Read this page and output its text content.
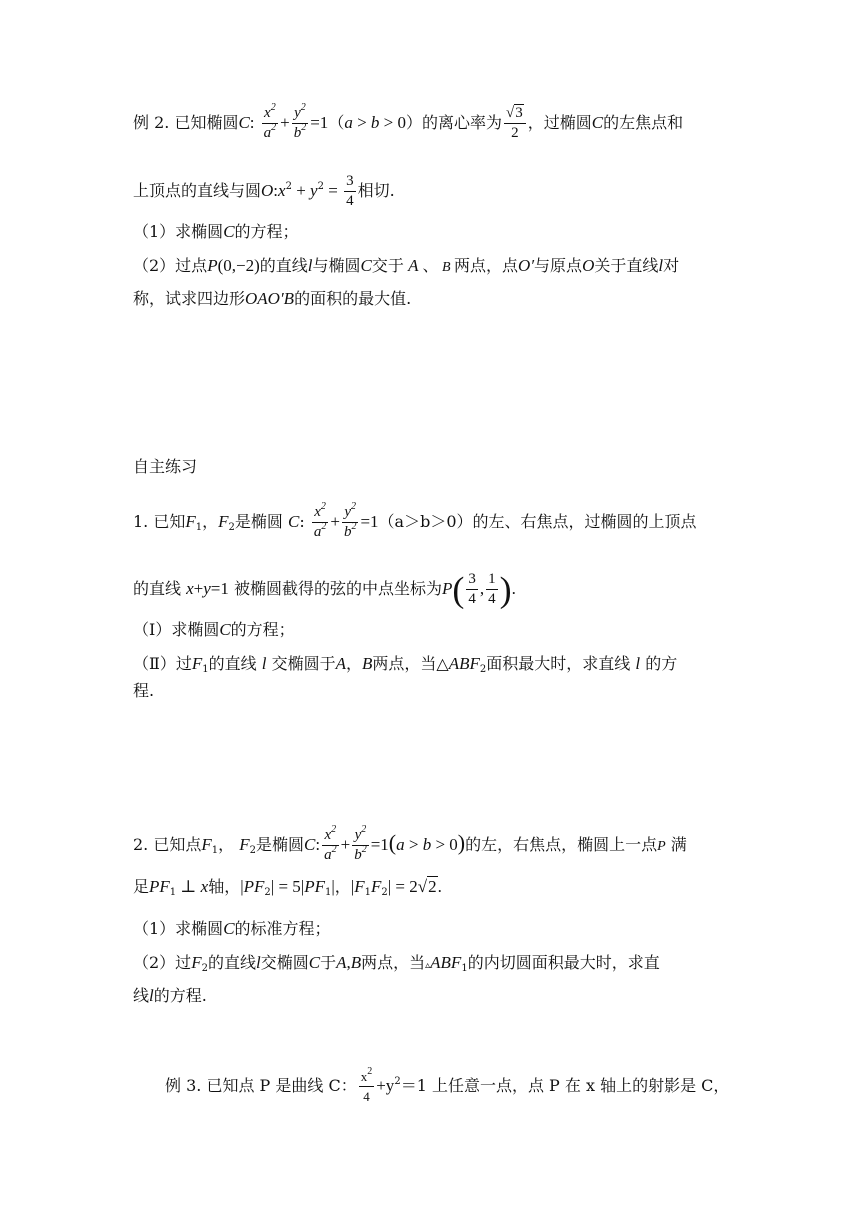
例 2. 已知椭圆C: $\frac{x^2}{a^2} + \frac{y^2}{b^2} =1(a > b > 0)$的离心率为 $\frac{√3}{2}$ ，过椭圆C的左焦点和
上顶点的直线与圆$O:x^2 + y^2 = \frac{3}{4}$ 相切.
（1）求椭圆C的方程；
（2）过点P(0,−2)的直线l与椭圆C交于 A 、 B 两点，点O′与原点O关于直线l对
称，试求四边形OAO′B的面积的最大值.
自主练习
1. 已知$F_1$，$F_2$是椭圆 C: $\frac{x^2}{a^2} + \frac{y^2}{b^2} =1(a>b>0)$的左、右焦点，过椭圆的上顶点
的直线 x+y=1 被椭圆截得的弦的中点坐标为$P( \frac{3}{4}$ , $\frac{1}{4}$ ).
（Ⅰ）求椭圆C的方程；
（Ⅱ）过$F_1$的直线 l 交椭圆于A，B两点，当$\triangle ABF_2$面积最大时，求直线 l 的方
程.
2. 已知点$F_1$， $F_2$是椭圆C: $\frac{x^2}{a^2} + \frac{y^2}{b^2} =1(a > b > 0)$的左，右焦点，椭圆上一点P 满
足$PF_1$ ⊥ x轴，$|PF_2| = 5|PF_1|$，$|F_1F_2| = 2√2$.
（1）求椭圆C的标准方程；
（2）过$F_2$的直线l交椭圆C于A,B两点，当$▵ABF_1$的内切圆面积最大时，求直
线l的方程.
例 3. 已知点 P 是曲线 C： $\frac{x^2}{4} +y^2=1$ 上任意一点，点 P 在 x 轴上的射影是 C，
